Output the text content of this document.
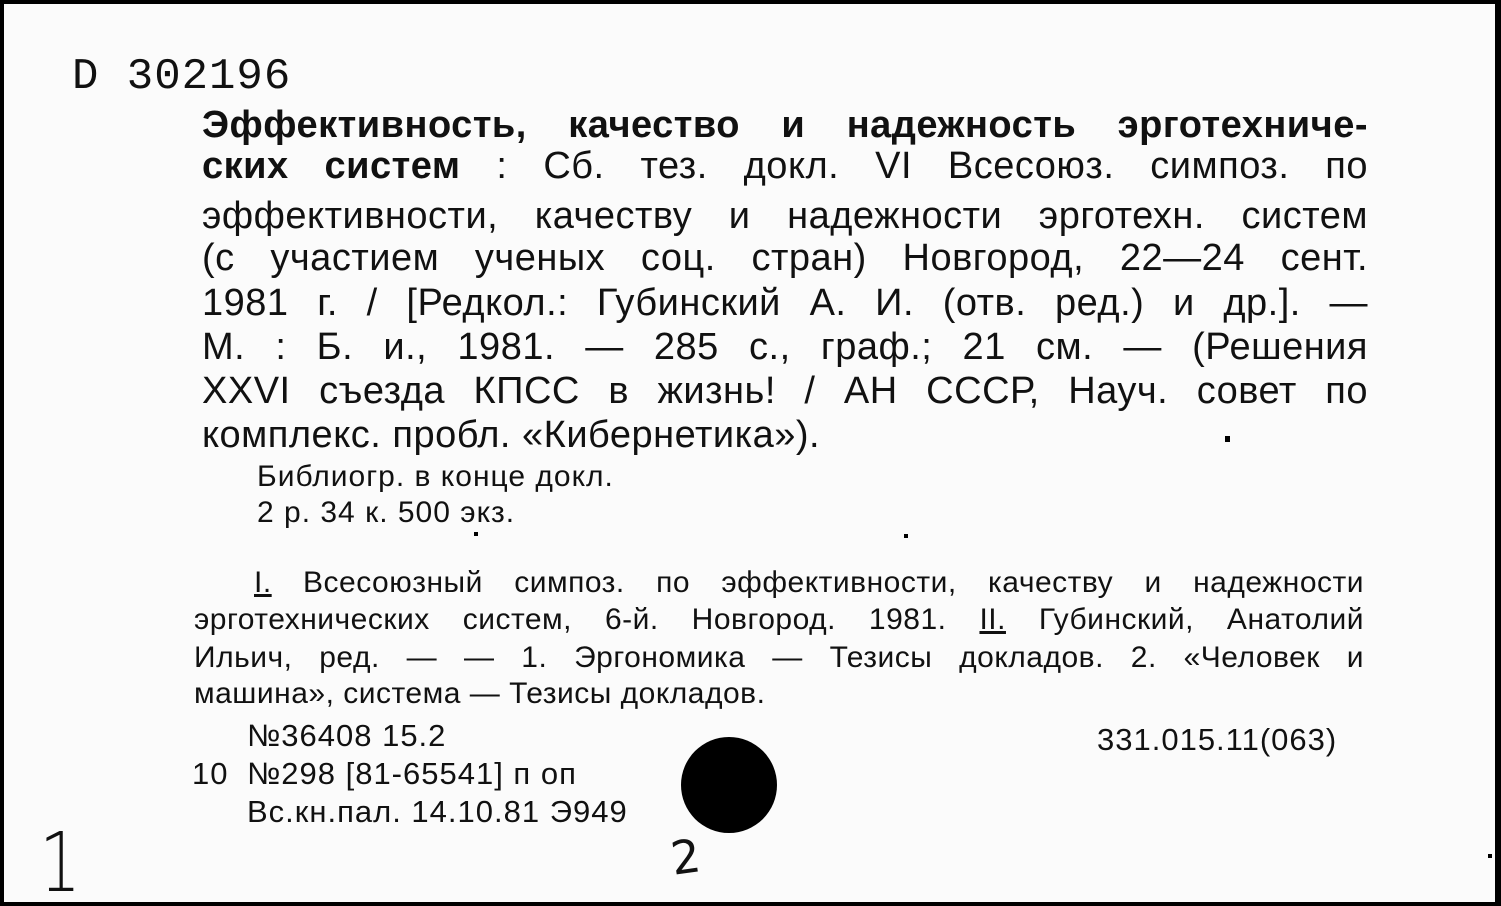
D 302196
Эффективность, качество и надежность эрготехниче-
ских систем : Сб. тез. докл. VI Всесоюз. симпоз. по
эффективности, качеству и надежности эрготехн. систем
(с участием ученых соц. стран) Новгород, 22—24 сент.
1981 г. / [Редкол.: Губинский А. И. (отв. ред.) и др.]. —
М. : Б. и., 1981. — 285 с., граф.; 21 см. — (Решения
XXVI съезда КПСС в жизнь! / АН СССР, Науч. совет по
комплекс. пробл. «Кибернетика»).
Библиогр. в конце докл.
2 р. 34 к. 500 экз.
I. Всесоюзный симпоз. по эффективности, качеству и надежности
эрготехнических систем, 6-й. Новгород. 1981. II. Губинский, Анатолий
Ильич, ред. — — 1. Эргономика — Тезисы докладов. 2. «Человек и
машина», система — Тезисы докладов.
№36408 15.2
10 №298 [81-65541] п оп
Вс.кн.пал. 14.10.81 Э949
331.015.11(063)
1	2
